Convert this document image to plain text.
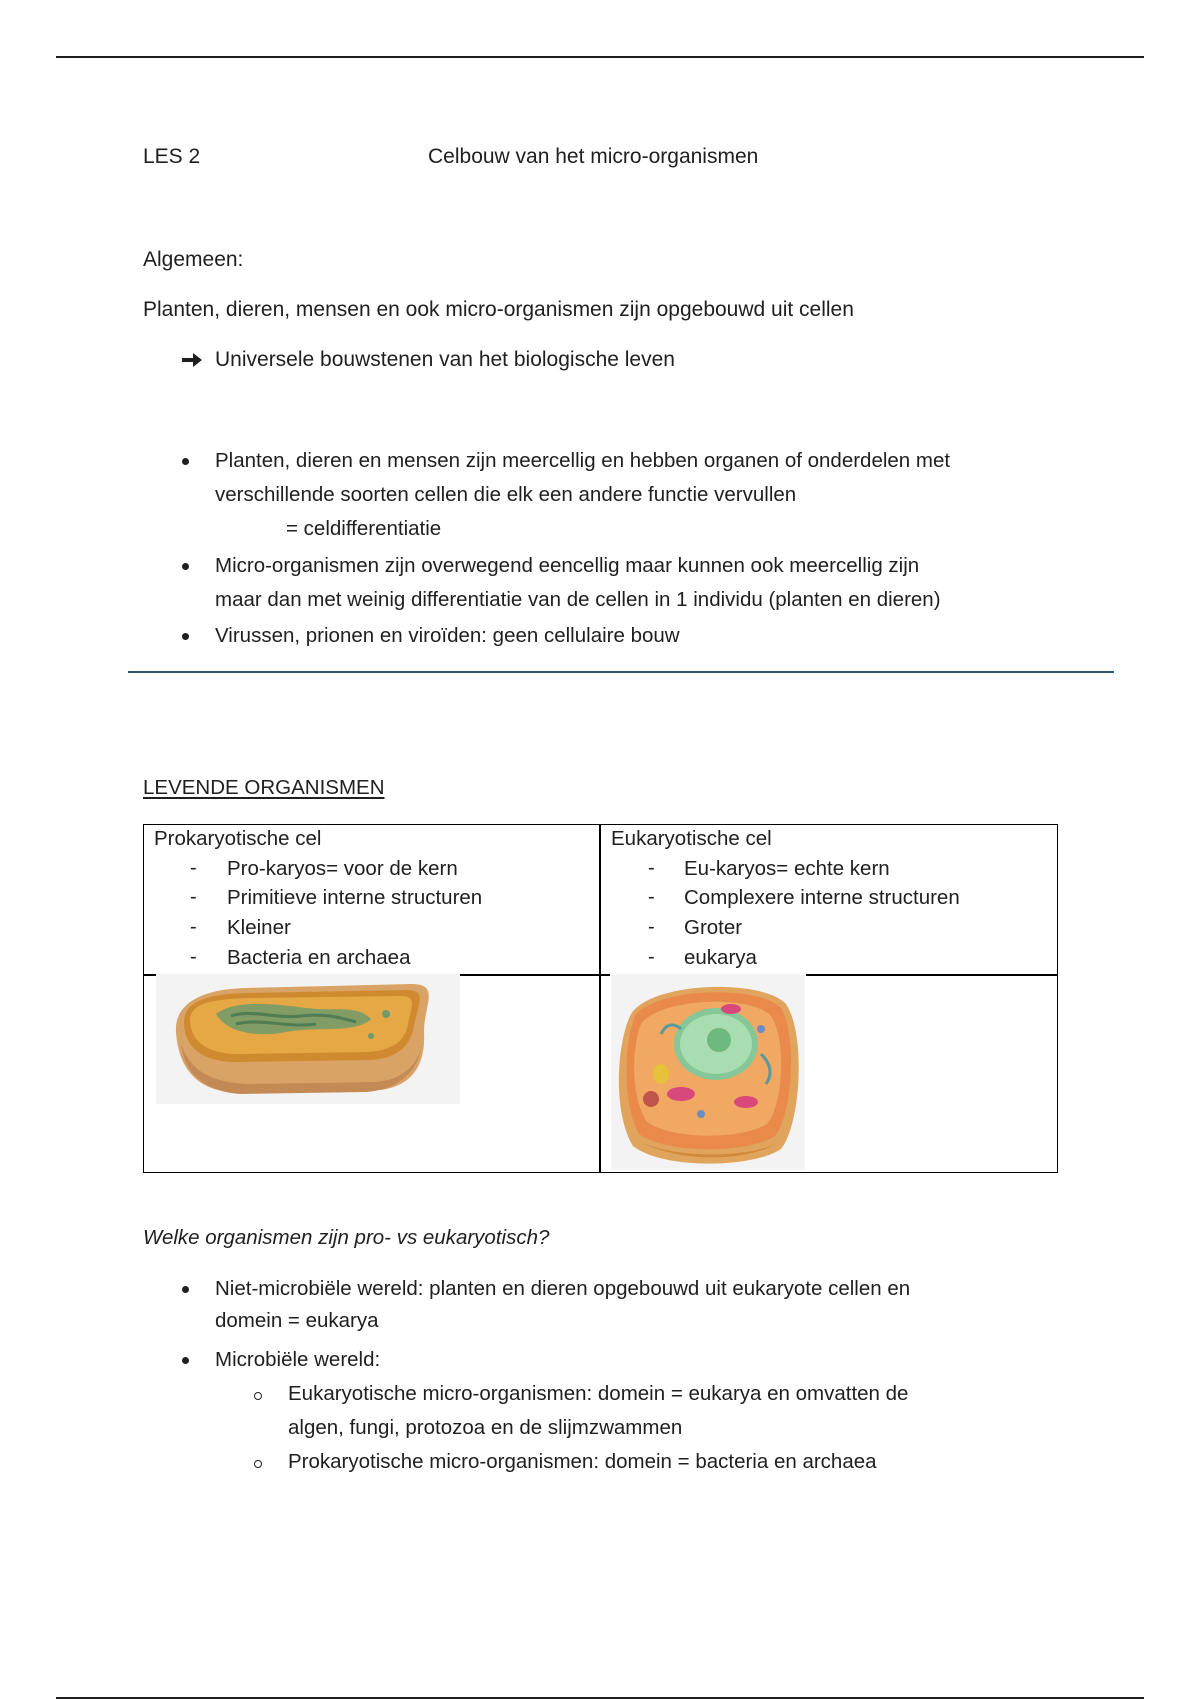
LES 2	Celbouw van het micro-organismen
Algemeen:
Planten, dieren, mensen en ook micro-organismen zijn opgebouwd uit cellen
Universele bouwstenen van het biologische leven
Planten, dieren en mensen zijn meercellig en hebben organen of onderdelen met
verschillende soorten cellen die elk een andere functie vervullen
= celdifferentiatie
Micro-organismen zijn overwegend eencellig maar kunnen ook meercellig zijn
maar dan met weinig differentiatie van de cellen in 1 individu (planten en dieren)
Virussen, prionen en viroïden: geen cellulaire bouw
LEVENDE ORGANISMEN
Prokaryotische cel
- Pro-karyos= voor de kern
- Primitieve interne structuren
- Kleiner
- Bacteria en archaea
Eukaryotische cel
- Eu-karyos= echte kern
- Complexere interne structuren
- Groter
- eukarya
Welke organismen zijn pro- vs eukaryotisch?
Niet-microbiële wereld: planten en dieren opgebouwd uit eukaryote cellen en
domein = eukarya
Microbiële wereld:
Eukaryotische micro-organismen: domein = eukarya en omvatten de
algen, fungi, protozoa en de slijmzwammen
Prokaryotische micro-organismen: domein = bacteria en archaea
